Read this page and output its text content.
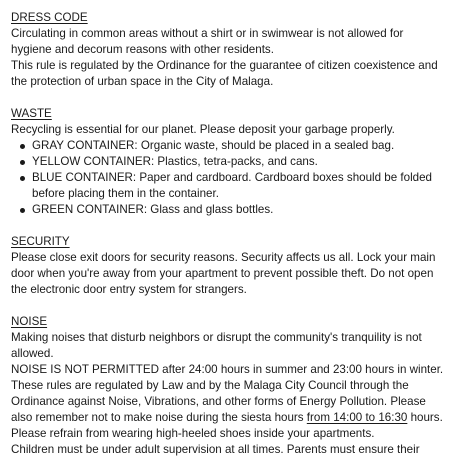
DRESS CODE
Circulating in common areas without a shirt or in swimwear is not allowed for hygiene and decorum reasons with other residents.
This rule is regulated by the Ordinance for the guarantee of citizen coexistence and the protection of urban space in the City of Malaga.
WASTE
Recycling is essential for our planet. Please deposit your garbage properly.
GRAY CONTAINER: Organic waste, should be placed in a sealed bag.
YELLOW CONTAINER: Plastics, tetra-packs, and cans.
BLUE CONTAINER: Paper and cardboard. Cardboard boxes should be folded before placing them in the container.
GREEN CONTAINER: Glass and glass bottles.
SECURITY
Please close exit doors for security reasons. Security affects us all. Lock your main door when you're away from your apartment to prevent possible theft. Do not open the electronic door entry system for strangers.
NOISE
Making noises that disturb neighbors or disrupt the community's tranquility is not allowed.
NOISE IS NOT PERMITTED after 24:00 hours in summer and 23:00 hours in winter.
These rules are regulated by Law and by the Malaga City Council through the Ordinance against Noise, Vibrations, and other forms of Energy Pollution. Please also remember not to make noise during the siesta hours from 14:00 to 16:30 hours.
Please refrain from wearing high-heeled shoes inside your apartments.
Children must be under adult supervision at all times. Parents must ensure their
